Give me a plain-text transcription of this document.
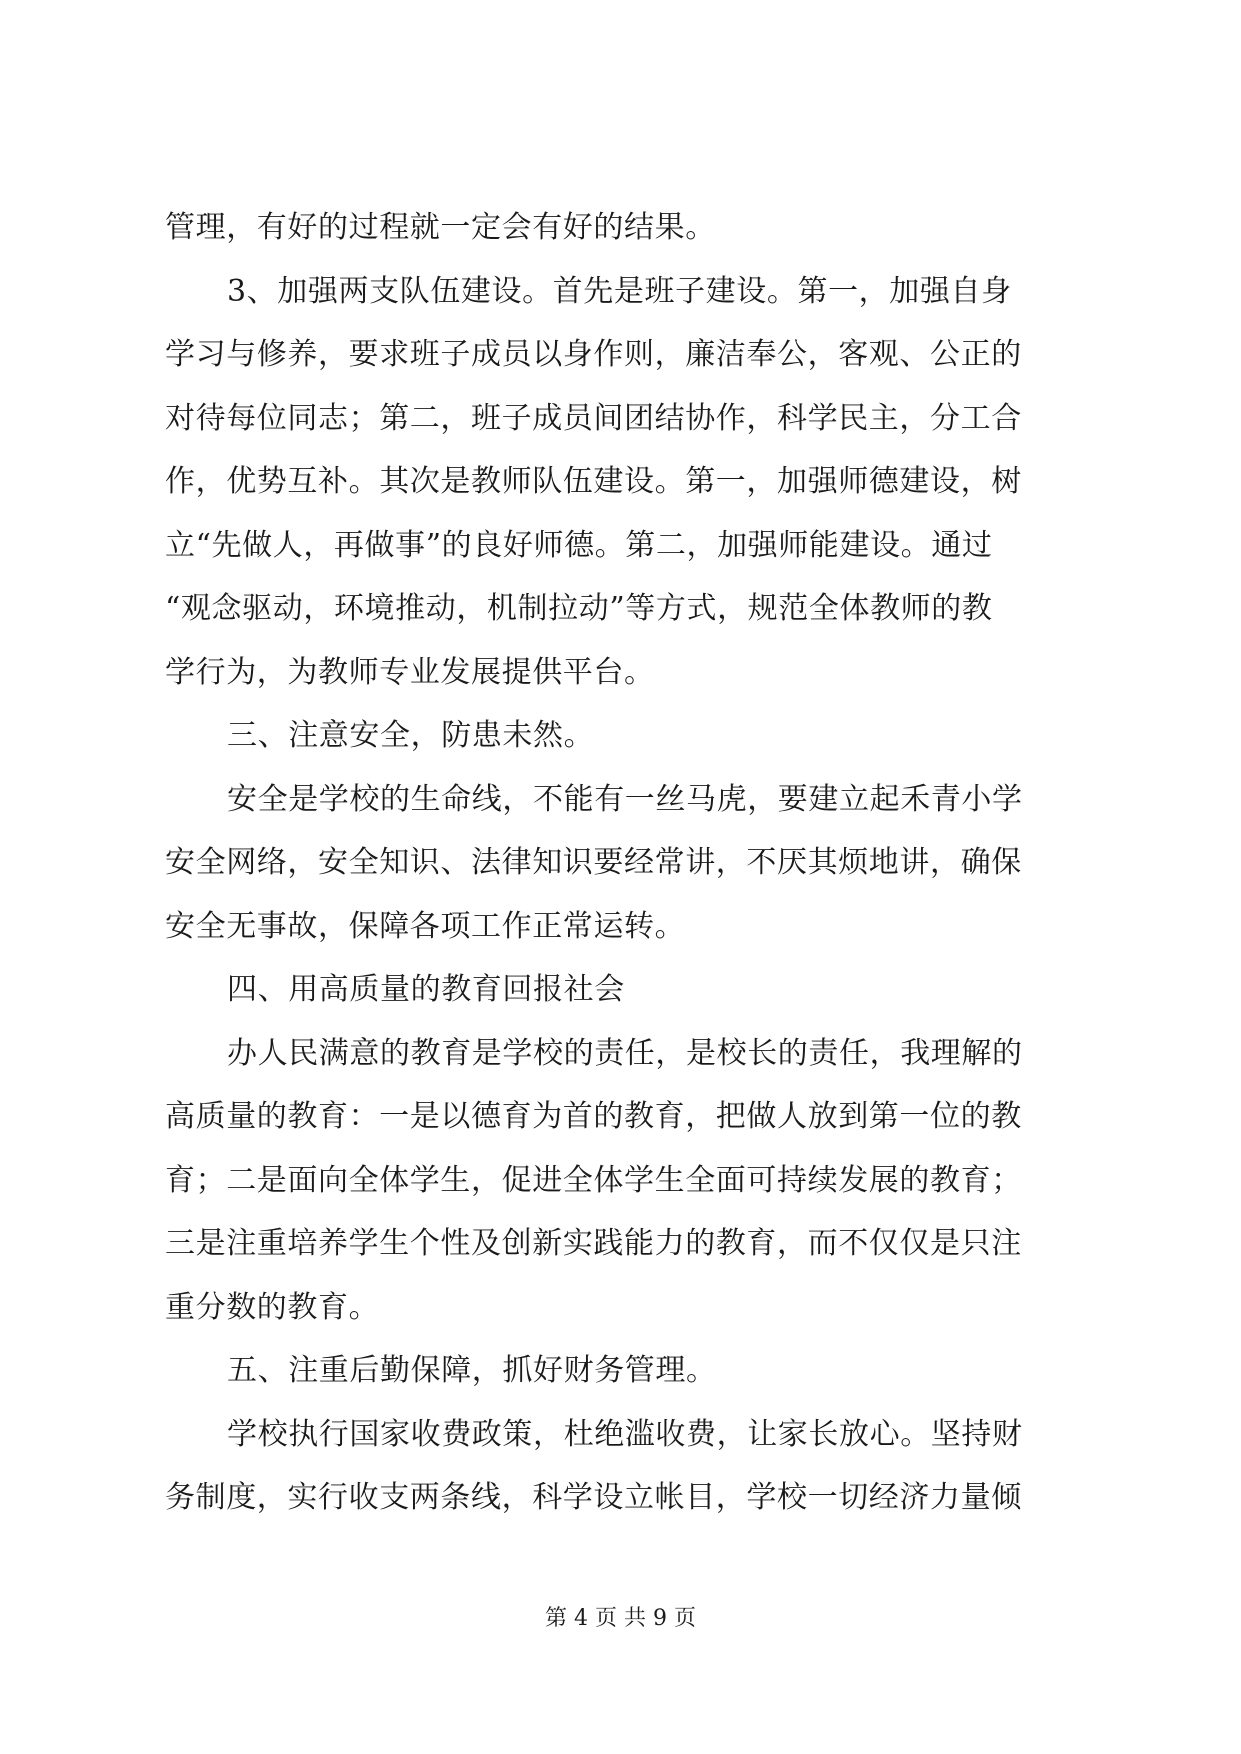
管理，有好的过程就一定会有好的结果。
3、加强两支队伍建设。首先是班子建设。第一，加强自身
学习与修养，要求班子成员以身作则，廉洁奉公，客观、公正的
对待每位同志；第二，班子成员间团结协作，科学民主，分工合
作，优势互补。其次是教师队伍建设。第一，加强师德建设，树
立“先做人，再做事”的良好师德。第二，加强师能建设。通过
“观念驱动，环境推动，机制拉动”等方式，规范全体教师的教
学行为，为教师专业发展提供平台。
三、注意安全，防患未然。
安全是学校的生命线，不能有一丝马虎，要建立起禾青小学
安全网络，安全知识、法律知识要经常讲，不厌其烦地讲，确保
安全无事故，保障各项工作正常运转。
四、用高质量的教育回报社会
办人民满意的教育是学校的责任，是校长的责任，我理解的
高质量的教育：一是以德育为首的教育，把做人放到第一位的教
育；二是面向全体学生，促进全体学生全面可持续发展的教育；
三是注重培养学生个性及创新实践能力的教育，而不仅仅是只注
重分数的教育。
五、注重后勤保障，抓好财务管理。
学校执行国家收费政策，杜绝滥收费，让家长放心。坚持财
务制度，实行收支两条线，科学设立帐目，学校一切经济力量倾
第 4 页 共 9 页
